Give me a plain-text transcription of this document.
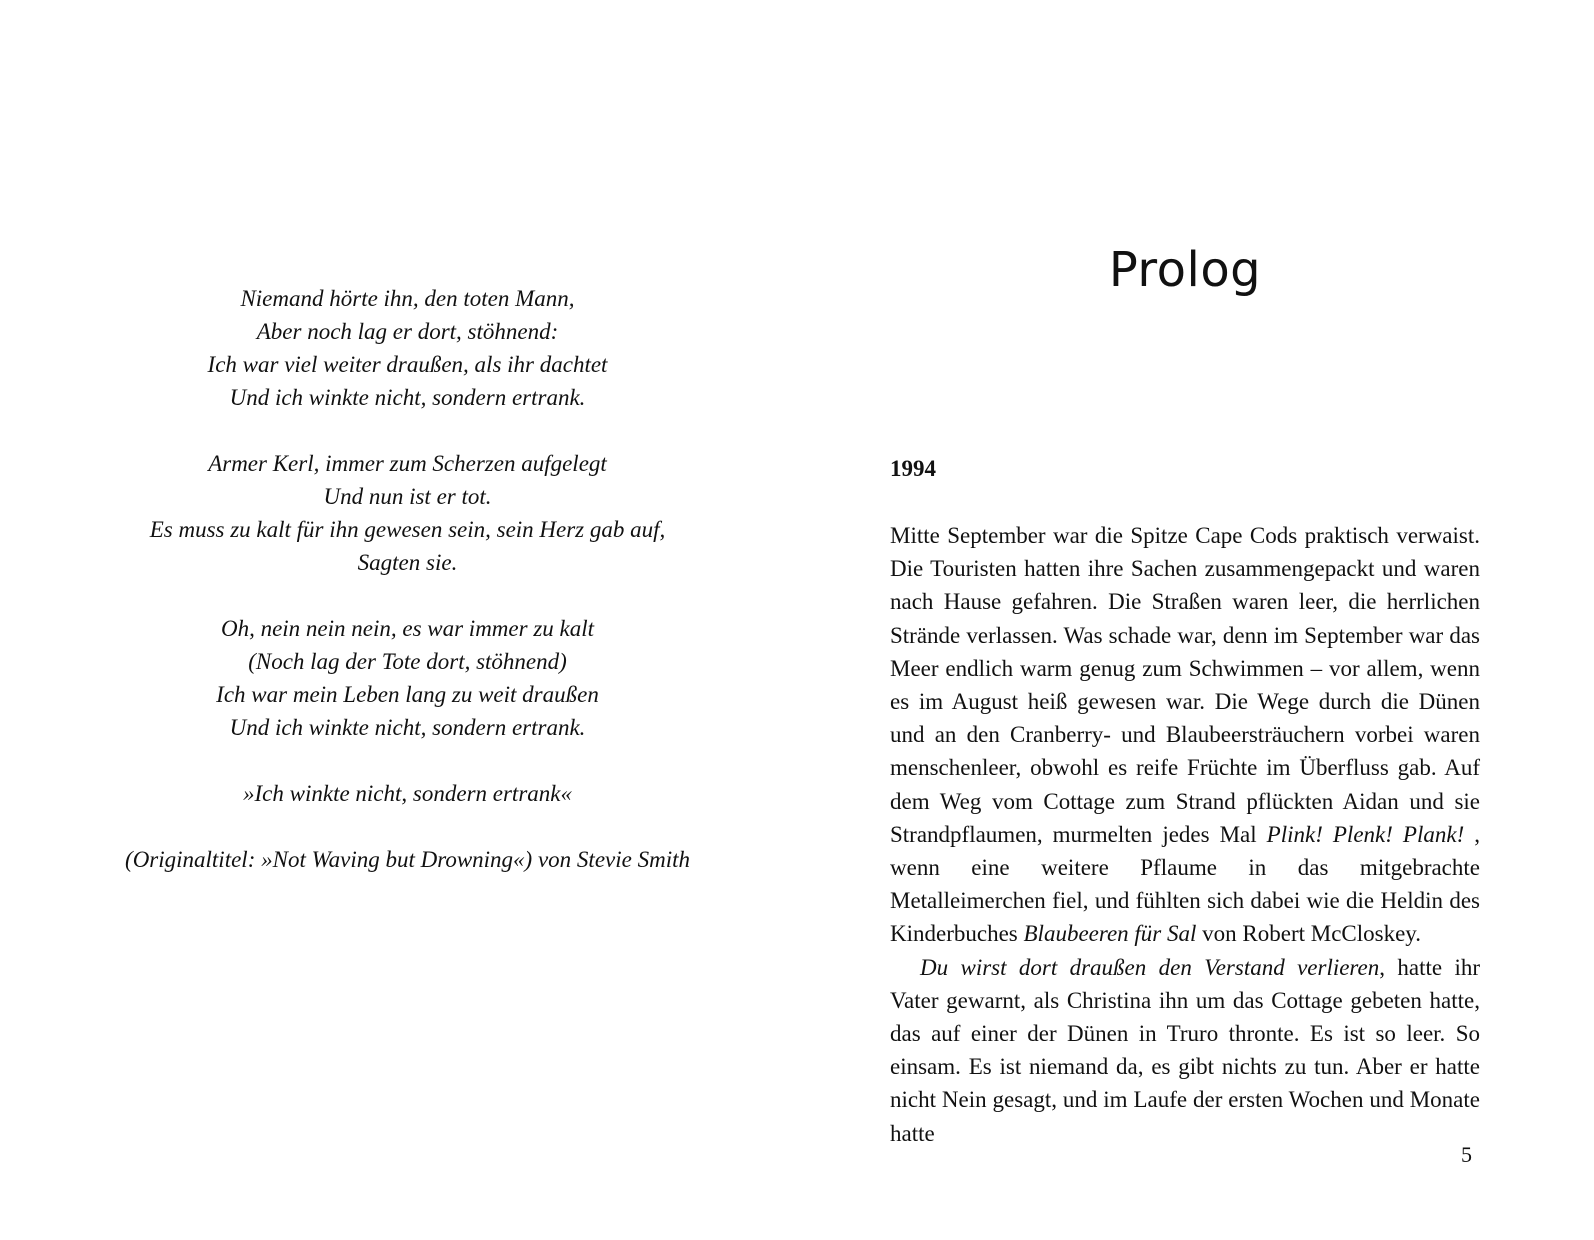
Niemand hörte ihn, den toten Mann,
Aber noch lag er dort, stöhnend:
Ich war viel weiter draußen, als ihr dachtet
Und ich winkte nicht, sondern ertrank.

Armer Kerl, immer zum Scherzen aufgelegt
Und nun ist er tot.
Es muss zu kalt für ihn gewesen sein, sein Herz gab auf,
Sagten sie.

Oh, nein nein nein, es war immer zu kalt
(Noch lag der Tote dort, stöhnend)
Ich war mein Leben lang zu weit draußen
Und ich winkte nicht, sondern ertrank.

»Ich winkte nicht, sondern ertrank«

(Originaltitel: »Not Waving but Drowning«) von Stevie Smith

Prolog

1994

Mitte September war die Spitze Cape Cods praktisch verwaist. Die Touristen hatten ihre Sachen zusammengepackt und waren nach Hause gefahren. Die Straßen waren leer, die herrlichen Strände verlassen. Was schade war, denn im September war das Meer endlich warm genug zum Schwimmen – vor allem, wenn es im August heiß gewesen war. Die Wege durch die Dünen und an den Cranberry- und Blaubeersträuchern vorbei waren menschenleer, obwohl es reife Früchte im Überfluss gab. Auf dem Weg vom Cottage zum Strand pflückten Aidan und sie Strandpflaumen, murmelten jedes Mal Plink! Plenk! Plank! , wenn eine weitere Pflaume in das mitgebrachte Metalleimerchen fiel, und fühlten sich dabei wie die Heldin des Kinderbuches Blaubeeren für Sal von Robert McCloskey.

Du wirst dort draußen den Verstand verlieren, hatte ihr Vater gewarnt, als Christina ihn um das Cottage gebeten hatte, das auf einer der Dünen in Truro thronte. Es ist so leer. So einsam. Es ist niemand da, es gibt nichts zu tun. Aber er hatte nicht Nein gesagt, und im Laufe der ersten Wochen und Monate hatte

5
